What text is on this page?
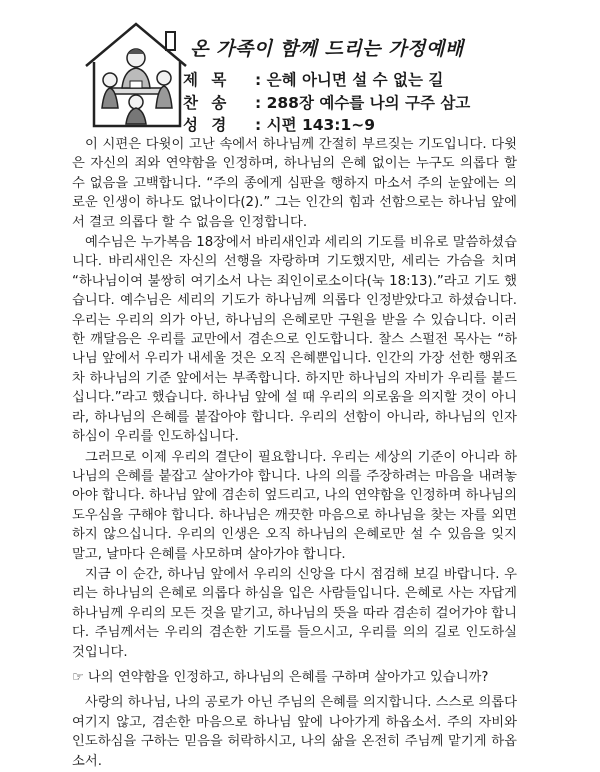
온 가족이 함께 드리는 가정예배
제 목 : 은혜 아니면 설 수 없는 길
찬 송 : 288장 예수를 나의 구주 삼고
성 경 : 시편 143:1~9

이 시편은 다윗이 고난 속에서 하나님께 간절히 부르짖는 기도입니다. 다윗은 자신의 죄와 연약함을 인정하며, 하나님의 은혜 없이는 누구도 의롭다 할 수 없음을 고백합니다. “주의 종에게 심판을 행하지 마소서 주의 눈앞에는 의로운 인생이 하나도 없나이다(2).” 그는 인간의 힘과 선함으로는 하나님 앞에서 결코 의롭다 할 수 없음을 인정합니다.

예수님은 누가복음 18장에서 바리새인과 세리의 기도를 비유로 말씀하셨습니다. 바리새인은 자신의 선행을 자랑하며 기도했지만, 세리는 가슴을 치며 “하나님이여 불쌍히 여기소서 나는 죄인이로소이다(눅 18:13).”라고 기도 했습니다. 예수님은 세리의 기도가 하나님께 의롭다 인정받았다고 하셨습니다. 우리는 우리의 의가 아닌, 하나님의 은혜로만 구원을 받을 수 있습니다. 이러한 깨달음은 우리를 교만에서 겸손으로 인도합니다. 찰스 스펄전 목사는 “하나님 앞에서 우리가 내세울 것은 오직 은혜뿐입니다. 인간의 가장 선한 행위조차 하나님의 기준 앞에서는 부족합니다. 하지만 하나님의 자비가 우리를 붙드십니다.”라고 했습니다. 하나님 앞에 설 때 우리의 의로움을 의지할 것이 아니라, 하나님의 은혜를 붙잡아야 합니다. 우리의 선함이 아니라, 하나님의 인자하심이 우리를 인도하십니다.

그러므로 이제 우리의 결단이 필요합니다. 우리는 세상의 기준이 아니라 하나님의 은혜를 붙잡고 살아가야 합니다. 나의 의를 주장하려는 마음을 내려놓아야 합니다. 하나님 앞에 겸손히 엎드리고, 나의 연약함을 인정하며 하나님의 도우심을 구해야 합니다. 하나님은 깨끗한 마음으로 하나님을 찾는 자를 외면하지 않으십니다. 우리의 인생은 오직 하나님의 은혜로만 설 수 있음을 잊지 말고, 날마다 은혜를 사모하며 살아가야 합니다.

지금 이 순간, 하나님 앞에서 우리의 신앙을 다시 점검해 보길 바랍니다. 우리는 하나님의 은혜로 의롭다 하심을 입은 사람들입니다. 은혜로 사는 자답게 하나님께 우리의 모든 것을 맡기고, 하나님의 뜻을 따라 겸손히 걸어가야 합니다. 주님께서는 우리의 겸손한 기도를 들으시고, 우리를 의의 길로 인도하실 것입니다.

☞ 나의 연약함을 인정하고, 하나님의 은혜를 구하며 살아가고 있습니까?

사랑의 하나님, 나의 공로가 아닌 주님의 은혜를 의지합니다. 스스로 의롭다 여기지 않고, 겸손한 마음으로 하나님 앞에 나아가게 하옵소서. 주의 자비와 인도하심을 구하는 믿음을 허락하시고, 나의 삶을 온전히 주님께 맡기게 하옵소서.
